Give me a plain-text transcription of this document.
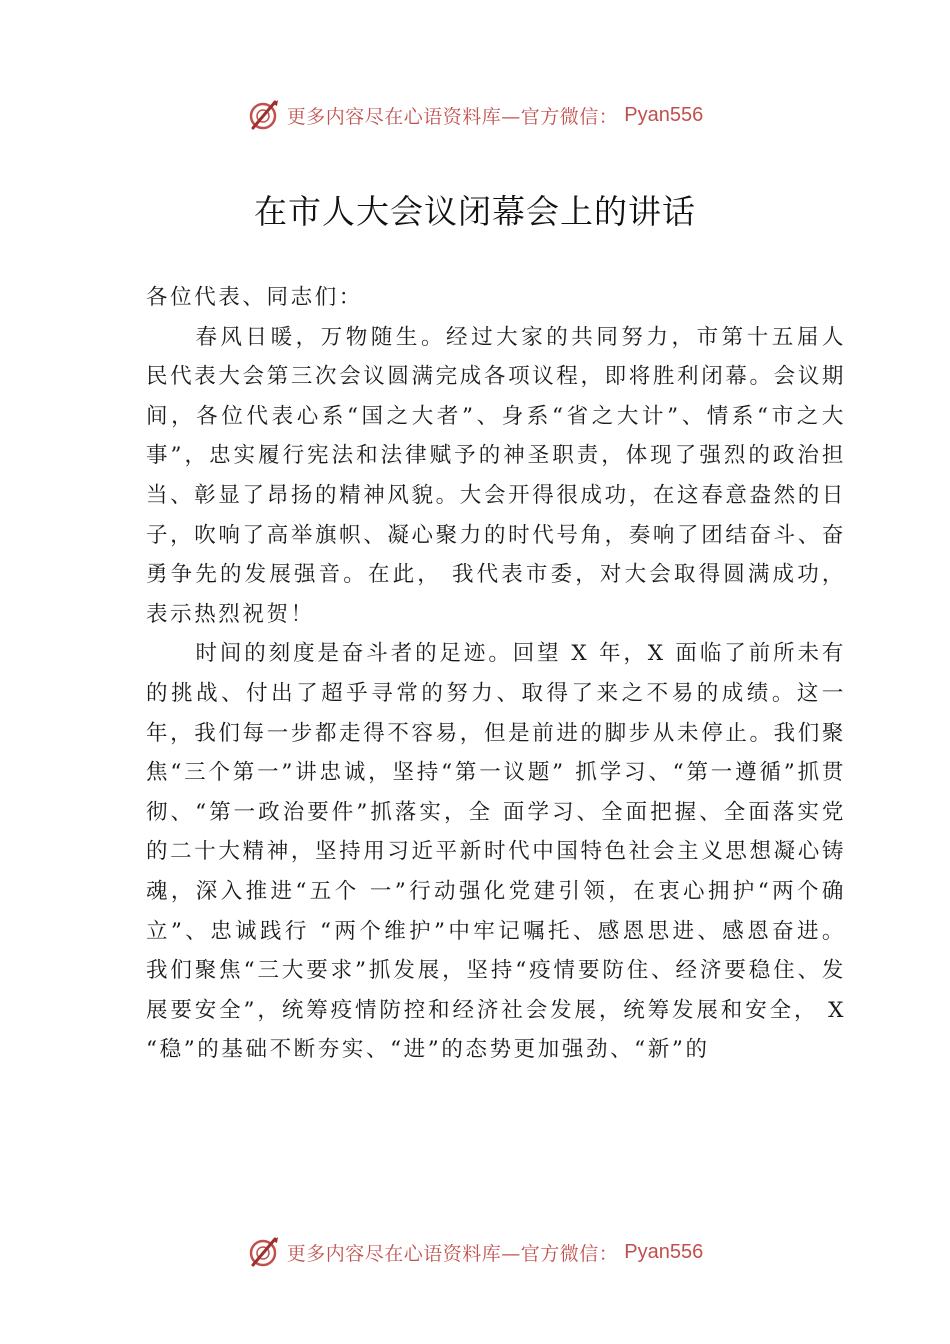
更多内容尽在心语资料库—官方微信： Pyan556
在市人大会议闭幕会上的讲话

各位代表、同志们：

春风日暖，万物随生。经过大家的共同努力，市第十五届人民代表大会第三次会议圆满完成各项议程，即将胜利闭幕。会议期间，各位代表心系“国之大者”、身系“省之大计”、情系“市之大事”，忠实履行宪法和法律赋予的神圣职责，体现了强烈的政治担当、彰显了昂扬的精神风貌。大会开得很成功，在这春意盎然的日子，吹响了高举旗帜、凝心聚力的时代号角，奏响了团结奋斗、奋勇争先的发展强音。在此， 我代表市委，对大会取得圆满成功，表示热烈祝贺！

时间的刻度是奋斗者的足迹。回望 X 年，X 面临了前所未有的挑战、付出了超乎寻常的努力、取得了来之不易的成绩。这一年，我们每一步都走得不容易，但是前进的脚步从未停止。我们聚焦“三个第一”讲忠诚，坚持“第一议题” 抓学习、“第一遵循”抓贯彻、“第一政治要件”抓落实，全 面学习、全面把握、全面落实党的二十大精神，坚持用习近平新时代中国特色社会主义思想凝心铸魂，深入推进“五个 一”行动强化党建引领，在衷心拥护“两个确立”、忠诚践行 “两个维护”中牢记嘱托、感恩思进、感恩奋进。我们聚焦“三大要求”抓发展，坚持“疫情要防住、经济要稳住、发 展要安全”，统筹疫情防控和经济社会发展，统筹发展和安全， X “稳”的基础不断夯实、“进”的态势更加强劲、“新”的

更多内容尽在心语资料库—官方微信： Pyan556
